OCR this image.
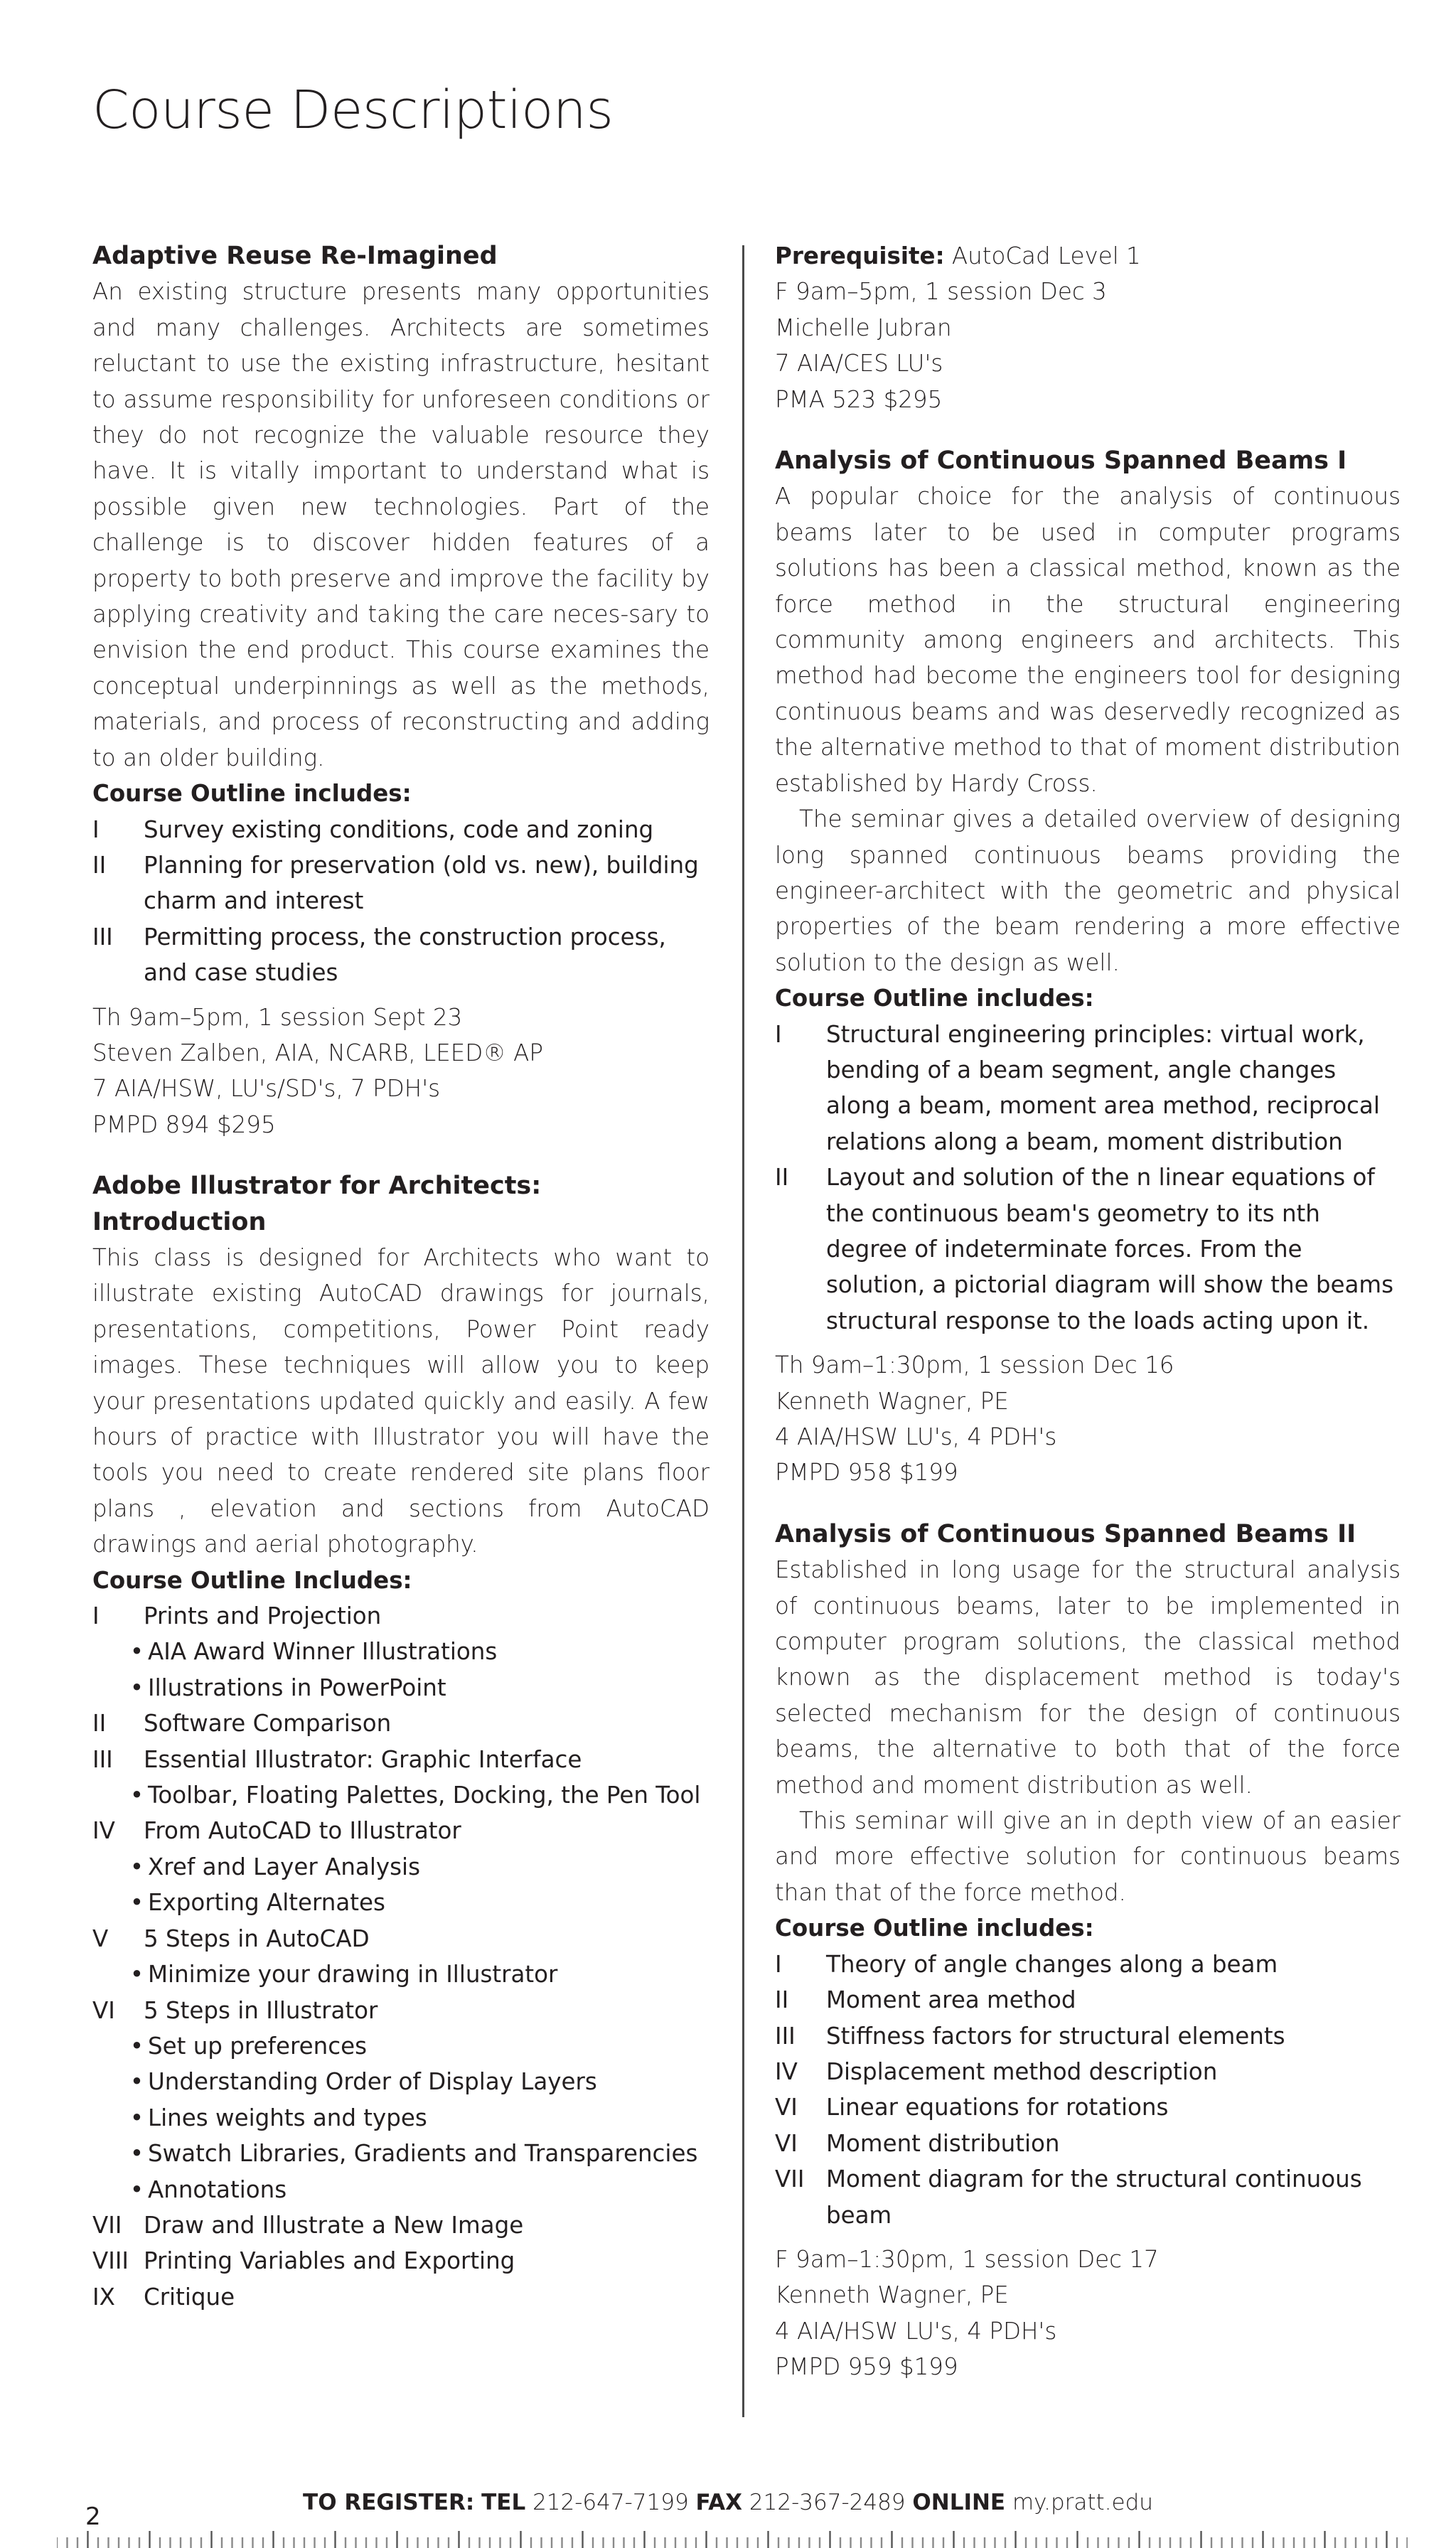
Course Descriptions
Adaptive Reuse Re-Imagined
An existing structure presents many opportunities and many challenges. Architects are sometimes reluctant to use the existing infrastructure, hesitant to assume responsibility for unforeseen conditions or they do not recognize the valuable resource they have. It is vitally important to understand what is possible given new technologies. Part of the challenge is to discover hidden features of a property to both preserve and improve the facility by applying creativity and taking the care neces-sary to envision the end product. This course examines the conceptual underpinnings as well as the methods, materials, and process of reconstructing and adding to an older building.
Course Outline includes:
I	Survey existing conditions, code and zoning
II	Planning for preservation (old vs. new), building charm and interest
III	Permitting process, the construction process, and case studies
Th 9am–5pm, 1 session Sept 23
Steven Zalben, AIA, NCARB, LEED® AP
7 AIA/HSW, LU's/SD's, 7 PDH's
PMPD 894 $295
Adobe Illustrator for Architects: Introduction
This class is designed for Architects who want to illustrate existing AutoCAD drawings for journals, presentations, competitions, Power Point ready images. These techniques will allow you to keep your presentations updated quickly and easily. A few hours of practice with Illustrator you will have the tools you need to create rendered site plans floor plans , elevation and sections from AutoCAD drawings and aerial photography.
Course Outline Includes:
I	Prints and Projection
• AIA Award Winner Illustrations
• Illustrations in PowerPoint
II	Software Comparison
III	Essential Illustrator: Graphic Interface
• Toolbar, Floating Palettes, Docking, the Pen Tool
IV	From AutoCAD to Illustrator
• Xref and Layer Analysis
• Exporting Alternates
V	5 Steps in AutoCAD
• Minimize your drawing in Illustrator
VI	5 Steps in Illustrator
• Set up preferences
• Understanding Order of Display Layers
• Lines weights and types
• Swatch Libraries, Gradients and Transparencies
• Annotations
VII Draw and Illustrate a New Image
VIII Printing Variables and Exporting
IX	Critique
Prerequisite: AutoCad Level 1
F 9am–5pm, 1 session Dec 3
Michelle Jubran
7 AIA/CES LU's
PMA 523 $295
Analysis of Continuous Spanned Beams I
A popular choice for the analysis of continuous beams later to be used in computer programs solutions has been a classical method, known as the force method in the structural engineering community among engineers and architects. This method had become the engineers tool for designing continuous beams and was deservedly recognized as the alternative method to that of moment distribution established by Hardy Cross.
The seminar gives a detailed overview of designing long spanned continuous beams providing the engineer-architect with the geometric and physical properties of the beam rendering a more effective solution to the design as well.
Course Outline includes:
I	Structural engineering principles: virtual work, bending of a beam segment, angle changes along a beam, moment area method, reciprocal relations along a beam, moment distribution
II	Layout and solution of the n linear equations of the continuous beam's geometry to its nth degree of indeterminate forces. From the solution, a pictorial diagram will show the beams structural response to the loads acting upon it.
Th 9am–1:30pm, 1 session Dec 16
Kenneth Wagner, PE
4 AIA/HSW LU's, 4 PDH's
PMPD 958 $199
Analysis of Continuous Spanned Beams II
Established in long usage for the structural analysis of continuous beams, later to be implemented in computer program solutions, the classical method known as the displacement method is today's selected mechanism for the design of continuous beams, the alternative to both that of the force method and moment distribution as well.
This seminar will give an in depth view of an easier and more effective solution for continuous beams than that of the force method.
Course Outline includes:
I	Theory of angle changes along a beam
II	Moment area method
III	Stiffness factors for structural elements
IV	Displacement method description
VI	Linear equations for rotations
VI	Moment distribution
VII Moment diagram for the structural continuous beam
F 9am–1:30pm, 1 session Dec 17
Kenneth Wagner, PE
4 AIA/HSW LU's, 4 PDH's
PMPD 959 $199
2	TO REGISTER: TEL 212-647-7199 FAX 212-367-2489 ONLINE my.pratt.edu
